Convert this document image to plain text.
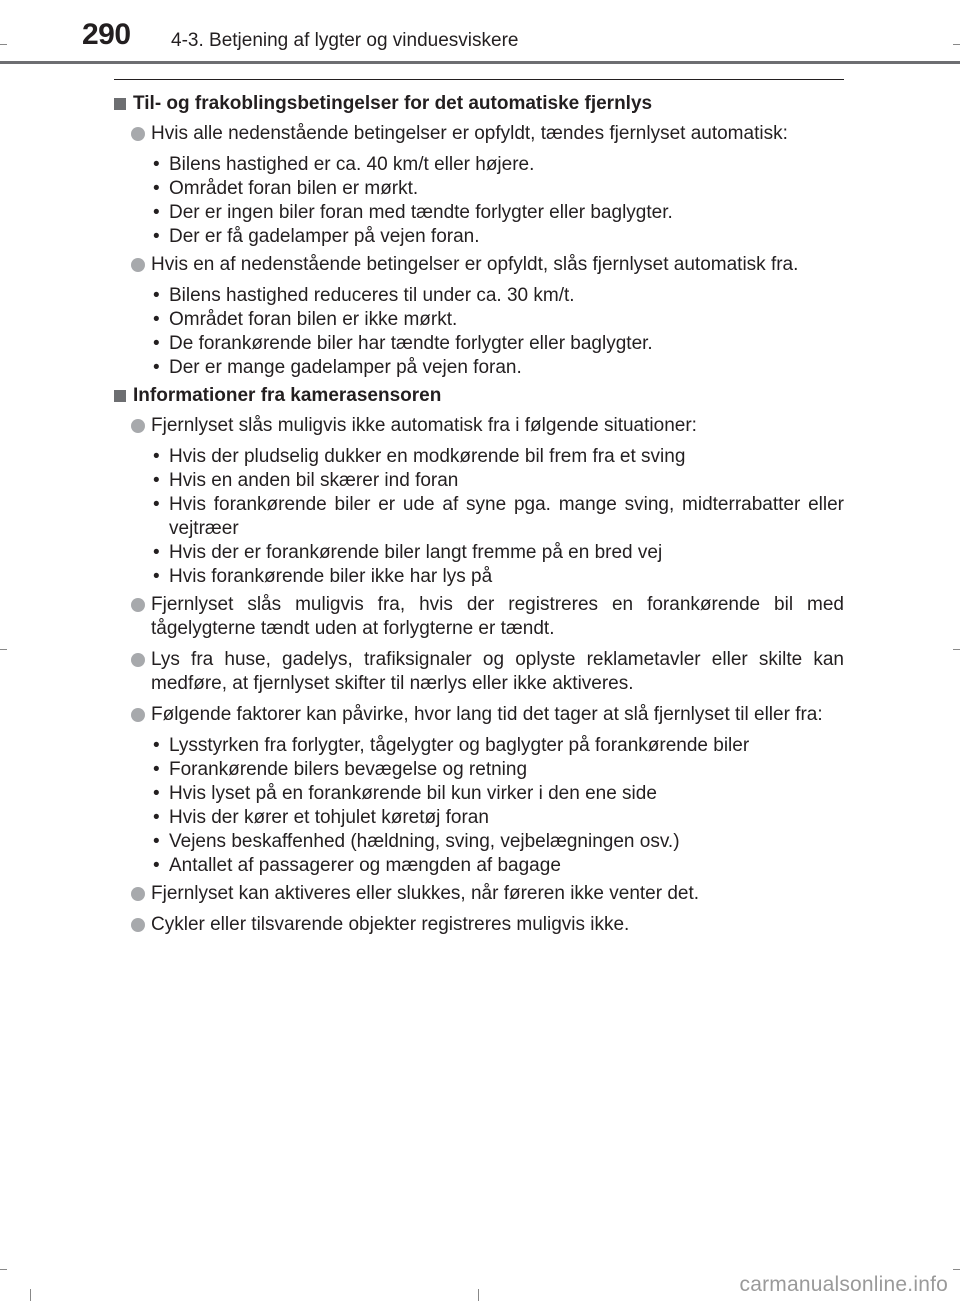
290 4-3. Betjening af lygter og vinduesviskere
Til- og frakoblingsbetingelser for det automatiske fjernlys
Hvis alle nedenstående betingelser er opfyldt, tændes fjernlyset automatisk:
• Bilens hastighed er ca. 40 km/t eller højere.
• Området foran bilen er mørkt.
• Der er ingen biler foran med tændte forlygter eller baglygter.
• Der er få gadelamper på vejen foran.
Hvis en af nedenstående betingelser er opfyldt, slås fjernlyset automatisk fra.
• Bilens hastighed reduceres til under ca. 30 km/t.
• Området foran bilen er ikke mørkt.
• De forankørende biler har tændte forlygter eller baglygter.
• Der er mange gadelamper på vejen foran.
Informationer fra kamerasensoren
Fjernlyset slås muligvis ikke automatisk fra i følgende situationer:
• Hvis der pludselig dukker en modkørende bil frem fra et sving
• Hvis en anden bil skærer ind foran
• Hvis forankørende biler er ude af syne pga. mange sving, midterrabatter eller vejtræer
• Hvis der er forankørende biler langt fremme på en bred vej
• Hvis forankørende biler ikke har lys på
Fjernlyset slås muligvis fra, hvis der registreres en forankørende bil med tågelygterne tændt uden at forlygterne er tændt.
Lys fra huse, gadelys, trafiksignaler og oplyste reklametavler eller skilte kan medføre, at fjernlyset skifter til nærlys eller ikke aktiveres.
Følgende faktorer kan påvirke, hvor lang tid det tager at slå fjernlyset til eller fra:
• Lysstyrken fra forlygter, tågelygter og baglygter på forankørende biler
• Forankørende bilers bevægelse og retning
• Hvis lyset på en forankørende bil kun virker i den ene side
• Hvis der kører et tohjulet køretøj foran
• Vejens beskaffenhed (hældning, sving, vejbelægningen osv.)
• Antallet af passagerer og mængden af bagage
Fjernlyset kan aktiveres eller slukkes, når føreren ikke venter det.
Cykler eller tilsvarende objekter registreres muligvis ikke.
carmanualsonline.info
